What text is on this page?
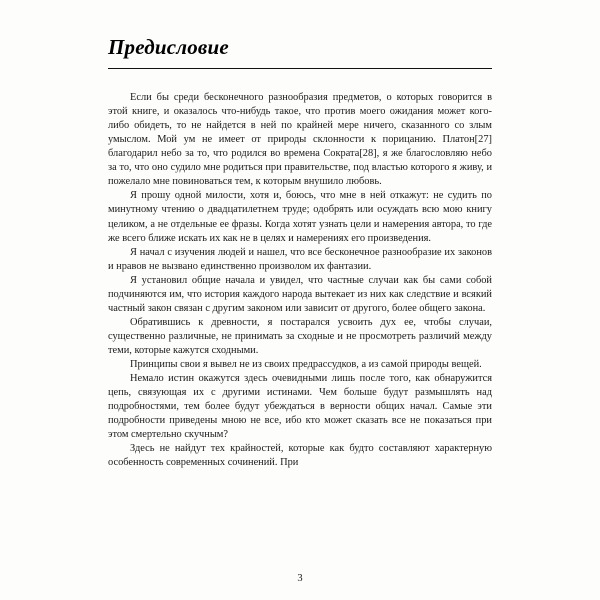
Предисловие

Если бы среди бесконечного разнообразия предметов, о которых говорится в этой книге, и оказалось что-нибудь такое, что против моего ожидания может кого-либо обидеть, то не найдется в ней по крайней мере ничего, сказанного со злым умыслом. Мой ум не имеет от природы склонности к порицанию. Платон[27] благодарил небо за то, что родился во времена Сократа[28], я же благословляю небо за то, что оно судило мне родиться при правительстве, под властью которого я живу, и пожелало мне повиноваться тем, к которым внушило любовь.

Я прошу одной милости, хотя и, боюсь, что мне в ней откажут: не судить по минутному чтению о двадцатилетнем труде; одобрять или осуждать всю мою книгу целиком, а не отдельные ее фразы. Когда хотят узнать цели и намерения автора, то где же всего ближе искать их как не в целях и намерениях его произведения.

Я начал с изучения людей и нашел, что все бесконечное разнообразие их законов и нравов не вызвано единственно произволом их фантазии.

Я установил общие начала и увидел, что частные случаи как бы сами собой подчиняются им, что история каждого народа вытекает из них как следствие и всякий частный закон связан с другим законом или зависит от другого, более общего закона.

Обратившись к древности, я постарался усвоить дух ее, чтобы случаи, существенно различные, не принимать за сходные и не просмотреть различий между теми, которые кажутся сходными.

Принципы свои я вывел не из своих предрассудков, а из самой природы вещей.

Немало истин окажутся здесь очевидными лишь после того, как обнаружится цепь, связующая их с другими истинами. Чем больше будут размышлять над подробностями, тем более будут убеждаться в верности общих начал. Самые эти подробности приведены мною не все, ибо кто может сказать все не показаться при этом смертельно скучным?

Здесь не найдут тех крайностей, которые как будто составляют характерную особенность современных сочинений. При

3
